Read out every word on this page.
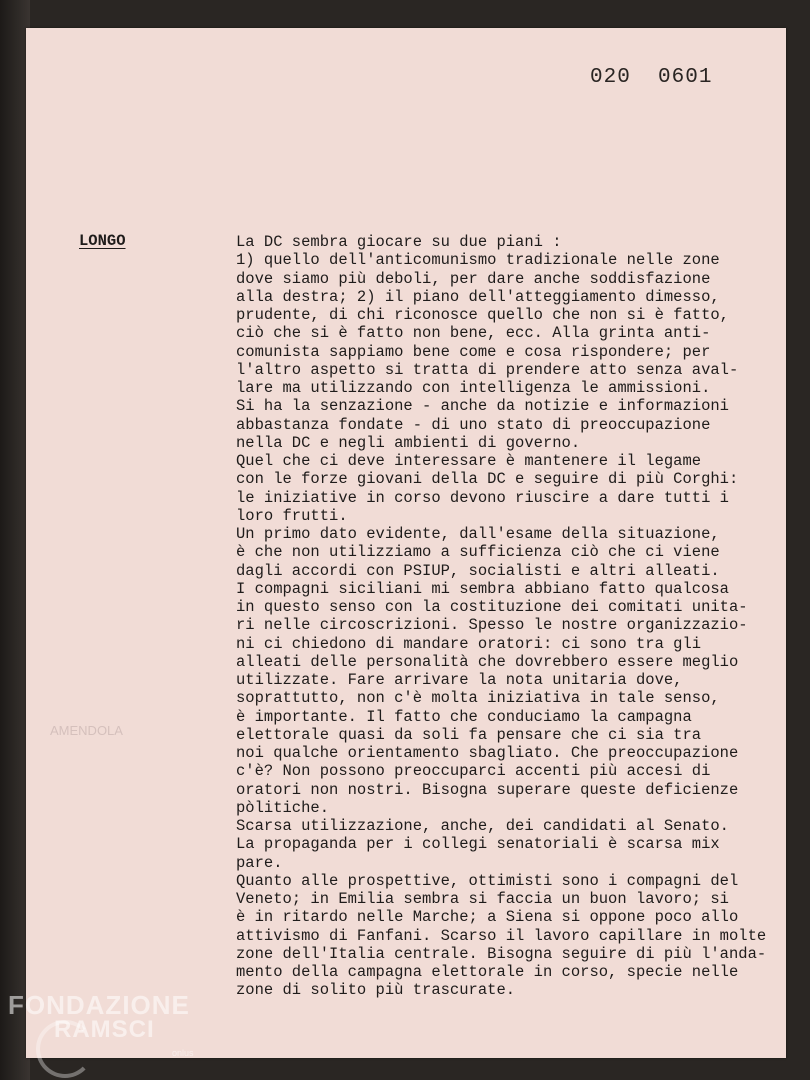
020  0601
LONGO
AMENDOLA
La DC sembra giocare su due piani :
1) quello dell'anticomunismo tradizionale nelle zone
dove siamo più deboli, per dare anche soddisfazione
alla destra; 2) il piano dell'atteggiamento dimesso,
prudente, di chi riconosce quello che non si è fatto,
ciò che si è fatto non bene, ecc. Alla grinta anti-
comunista sappiamo bene come e cosa rispondere; per
l'altro aspetto si tratta di prendere atto senza aval-
lare ma utilizzando con intelligenza le ammissioni.
Si ha la senzazione - anche da notizie e informazioni
abbastanza fondate - di uno stato di preoccupazione
nella DC e negli ambienti di governo.
Quel che ci deve interessare è mantenere il legame
con le forze giovani della DC e seguire di più Corghi:
le iniziative in corso devono riuscire a dare tutti i
loro frutti.
Un primo dato evidente, dall'esame della situazione,
è che non utilizziamo a sufficienza ciò che ci viene
dagli accordi con PSIUP, socialisti e altri alleati.
I compagni siciliani mi sembra abbiano fatto qualcosa
in questo senso con la costituzione dei comitati unita-
ri nelle circoscrizioni. Spesso le nostre organizzazio-
ni ci chiedono di mandare oratori: ci sono tra gli
alleati delle personalità che dovrebbero essere meglio
utilizzate. Fare arrivare la nota unitaria dove,
soprattutto, non c'è molta iniziativa in tale senso,
è importante. Il fatto che conduciamo la campagna
elettorale quasi da soli fa pensare che ci sia tra
noi qualche orientamento sbagliato. Che preoccupazione
c'è? Non possono preoccuparci accenti più accesi di
oratori non nostri. Bisogna superare queste deficienze
pòlitiche.
Scarsa utilizzazione, anche, dei candidati al Senato.
La propaganda per i collegi senatoriali è scarsa mix
pare.
Quanto alle prospettive, ottimisti sono i compagni del
Veneto; in Emilia sembra si faccia un buon lavoro; si
è in ritardo nelle Marche; a Siena si oppone poco allo
attivismo di Fanfani. Scarso il lavoro capillare in molte
zone dell'Italia centrale. Bisogna seguire di più l'anda-
mento della campagna elettorale in corso, specie nelle
zone di solito più trascurate.
FONDAZIONE
RAMSCI
onlus
